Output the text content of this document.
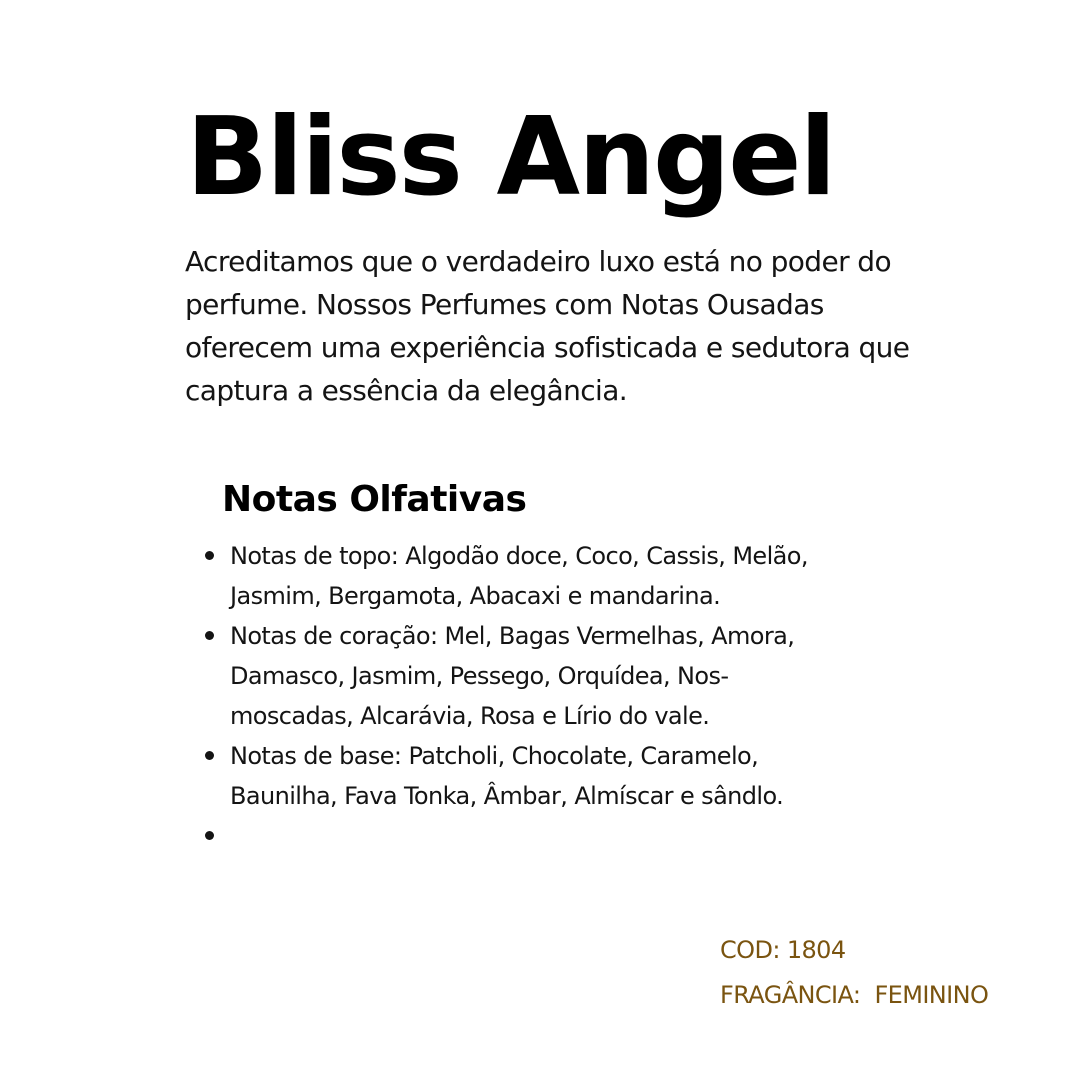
Bliss Angel

Acreditamos que o verdadeiro luxo está no poder do perfume. Nossos Perfumes com Notas Ousadas oferecem uma experiência sofisticada e sedutora que captura a essência da elegância.

Notas Olfativas
Notas de topo: Algodão doce, Coco, Cassis, Melão, Jasmim, Bergamota, Abacaxi e mandarina.
Notas de coração: Mel, Bagas Vermelhas, Amora, Damasco, Jasmim, Pessego, Orquídea, Nos-moscadas, Alcarávia, Rosa e Lírio do vale.
Notas de base: Patcholi, Chocolate, Caramelo, Baunilha, Fava Tonka, Âmbar, Almíscar e sândlo.

COD: 1804

FRAGÂNCIA:  FEMININO
